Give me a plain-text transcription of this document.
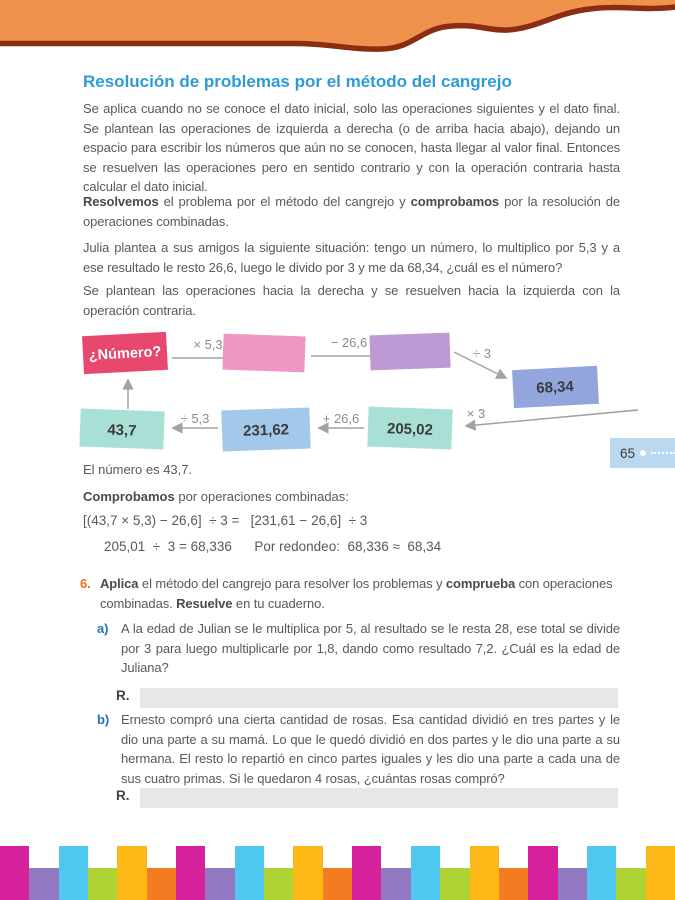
Resolución de problemas por el método del cangrejo

Se aplica cuando no se conoce el dato inicial, solo las operaciones siguientes y el dato final. Se plantean las operaciones de izquierda a derecha (o de arriba hacia abajo), dejando un espacio para escribir los números que aún no se conocen, hasta llegar al valor final. Entonces se resuelven las operaciones pero en sentido contrario y con la operación contraria hasta calcular el dato inicial.

Resolvemos el problema por el método del cangrejo y comprobamos por la resolución de operaciones combinadas.

Julia plantea a sus amigos la siguiente situación: tengo un número, lo multiplico por 5,3 y a ese resultado le resto 26,6, luego le divido por 3 y me da 68,34, ¿cuál es el número?

Se plantean las operaciones hacia la derecha y se resuelven hacia la izquierda con la operación contraria.

× 5,3	− 26,6
÷ 3
× 3
+ 26,6
÷ 5,3
¿Número?
68,34
205,02
231,62
43,7
65

El número es 43,7.

Comprobamos por operaciones combinadas:

[(43,7 × 5,3) − 26,6]  ÷ 3 =   [231,61 − 26,6]  ÷ 3

205,01  ÷  3 = 68,336      Por redondeo:  68,336 ≈  68,34

6. Aplica el método del cangrejo para resolver los problemas y comprueba con operaciones combinadas. Resuelve en tu cuaderno.
a) A la edad de Julian se le multiplica por 5, al resultado se le resta 28, ese total se divide por 3 para luego multiplicarle por 1,8, dando como resultado 7,2. ¿Cuál es la edad de Juliana?
R.
b) Ernesto compró una cierta cantidad de rosas. Esa cantidad dividió en tres partes y le dio una parte a su mamá. Lo que le quedó dividió en dos partes y le dio una parte a su hermana. El resto lo repartió en cinco partes iguales y les dio una parte a cada una de sus cuatro primas. Si le quedaron 4 rosas, ¿cuántas rosas compró?
R.
